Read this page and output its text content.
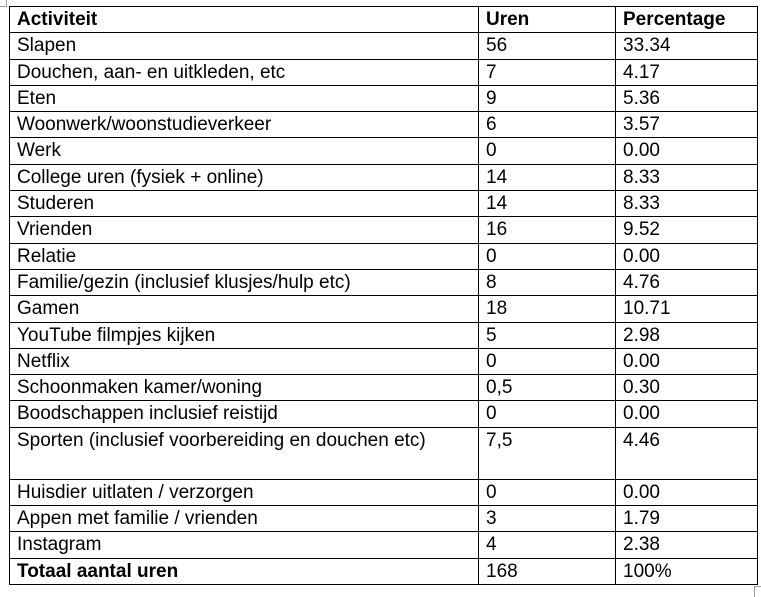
Activiteit	Uren	Percentage
Slapen	56	33.34
Douchen, aan- en uitkleden, etc	7	4.17
Eten	9	5.36
Woonwerk/woonstudieverkeer	6	3.57
Werk	0	0.00
College uren (fysiek + online)	14	8.33
Studeren	14	8.33
Vrienden	16	9.52
Relatie	0	0.00
Familie/gezin (inclusief klusjes/hulp etc)	8	4.76
Gamen	18	10.71
YouTube filmpjes kijken	5	2.98
Netflix	0	0.00
Schoonmaken kamer/woning	0,5	0.30
Boodschappen inclusief reistijd	0	0.00
Sporten (inclusief voorbereiding en douchen etc)	7,5	4.46
Huisdier uitlaten / verzorgen	0	0.00
Appen met familie / vrienden	3	1.79
Instagram	4	2.38
Totaal aantal uren	168	100%
